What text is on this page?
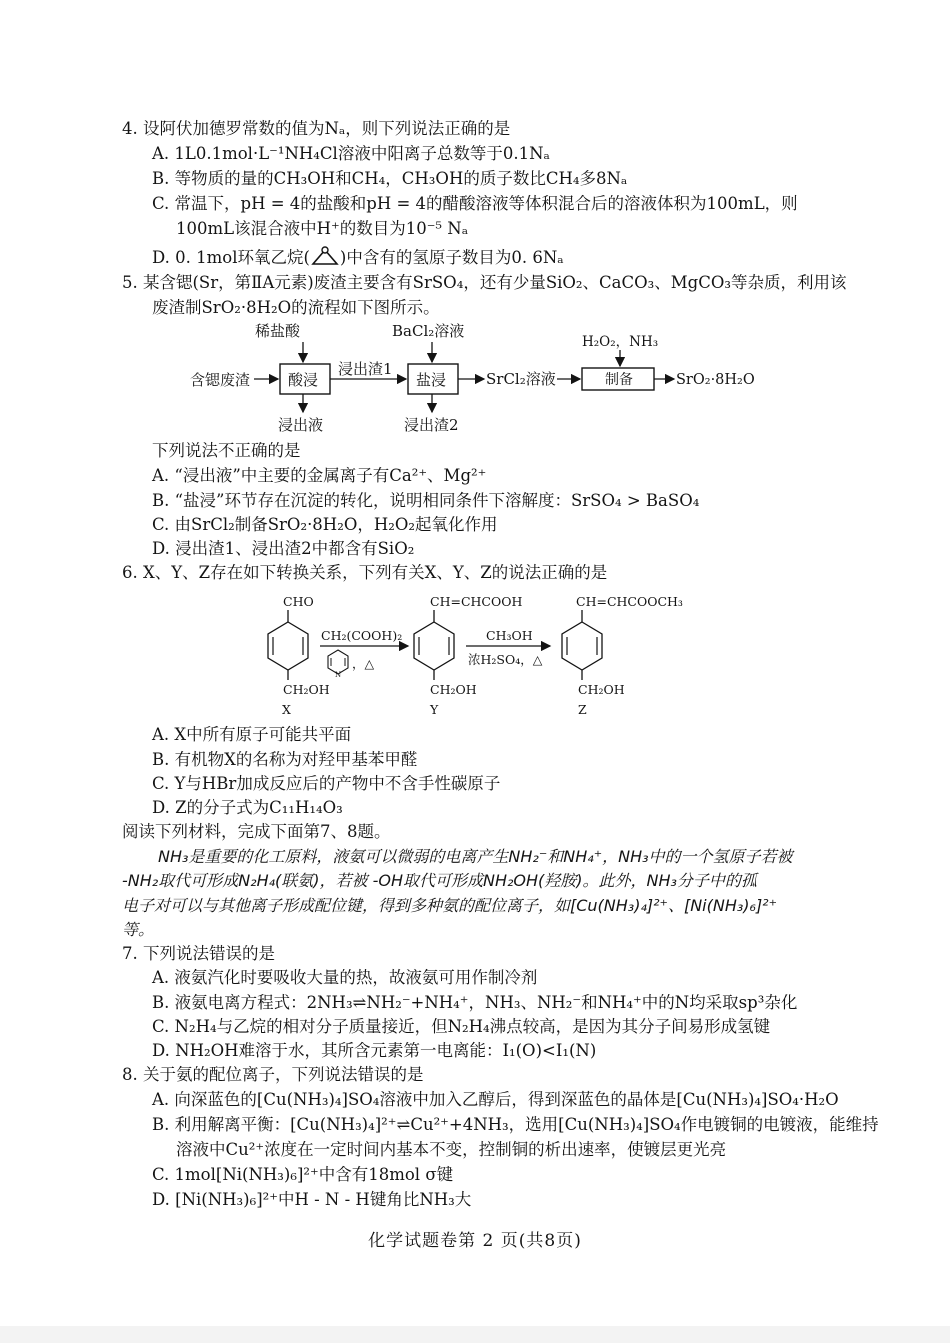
4. 设阿伏加德罗常数的值为Nₐ，则下列说法正确的是
A. 1L0.1mol·L⁻¹NH₄Cl溶液中阳离子总数等于0.1Nₐ
B. 等物质的量的CH₃OH和CH₄，CH₃OH的质子数比CH₄多8Nₐ
C. 常温下，pH = 4的盐酸和pH = 4的醋酸溶液等体积混合后的溶液体积为100mL，则
100mL该混合液中H⁺的数目为10⁻⁵ Nₐ
D. 0. 1mol环氧乙烷( )中含有的氢原子数目为0. 6Nₐ
5. 某含锶(Sr，第ⅡA元素)废渣主要含有SrSO₄，还有少量SiO₂、CaCO₃、MgCO₃等杂质，利用该
废渣制SrO₂·8H₂O的流程如下图所示。
稀盐酸	BaCl₂溶液
H₂O₂，NH₃
含锶废渣	酸浸
浸出渣1
盐浸	SrCl₂溶液	制备	SrO₂·8H₂O
浸出液	浸出渣2
下列说法不正确的是
A. “浸出液”中主要的金属离子有Ca²⁺、Mg²⁺
B. “盐浸”环节存在沉淀的转化，说明相同条件下溶解度：SrSO₄ > BaSO₄
C. 由SrCl₂制备SrO₂·8H₂O，H₂O₂起氧化作用
D. 浸出渣1、浸出渣2中都含有SiO₂
6. X、Y、Z存在如下转换关系，下列有关X、Y、Z的说法正确的是
CHO
CH₂OH
X
CH₂(COOH)₂
N
，△
CH=CHCOOH
CH₂OH
Y
CH₃OH
浓H₂SO₄，△
CH=CHCOOCH₃
CH₂OH
Z
A. X中所有原子可能共平面
B. 有机物X的名称为对羟甲基苯甲醛
C. Y与HBr加成反应后的产物中不含手性碳原子
D. Z的分子式为C₁₁H₁₄O₃
阅读下列材料，完成下面第7、8题。
NH₃是重要的化工原料，液氨可以微弱的电离产生NH₂⁻和NH₄⁺，NH₃中的一个氢原子若被
-NH₂取代可形成N₂H₄(联氨)，若被 -OH取代可形成NH₂OH(羟胺)。此外，NH₃分子中的孤
电子对可以与其他离子形成配位键，得到多种氨的配位离子，如[Cu(NH₃)₄]²⁺、[Ni(NH₃)₆]²⁺
等。
7. 下列说法错误的是
A. 液氨汽化时要吸收大量的热，故液氨可用作制冷剂
B. 液氨电离方程式：2NH₃⇌NH₂⁻+NH₄⁺，NH₃、NH₂⁻和NH₄⁺中的N均采取sp³杂化
C. N₂H₄与乙烷的相对分子质量接近，但N₂H₄沸点较高，是因为其分子间易形成氢键
D. NH₂OH难溶于水，其所含元素第一电离能：I₁(O)<I₁(N)
8. 关于氨的配位离子，下列说法错误的是
A. 向深蓝色的[Cu(NH₃)₄]SO₄溶液中加入乙醇后，得到深蓝色的晶体是[Cu(NH₃)₄]SO₄·H₂O
B. 利用解离平衡：[Cu(NH₃)₄]²⁺⇌Cu²⁺+4NH₃，选用[Cu(NH₃)₄]SO₄作电镀铜的电镀液，能维持
溶液中Cu²⁺浓度在一定时间内基本不变，控制铜的析出速率，使镀层更光亮
C. 1mol[Ni(NH₃)₆]²⁺中含有18mol σ键
D. [Ni(NH₃)₆]²⁺中H - N - H键角比NH₃大
化学试题卷第 2 页(共8页)
